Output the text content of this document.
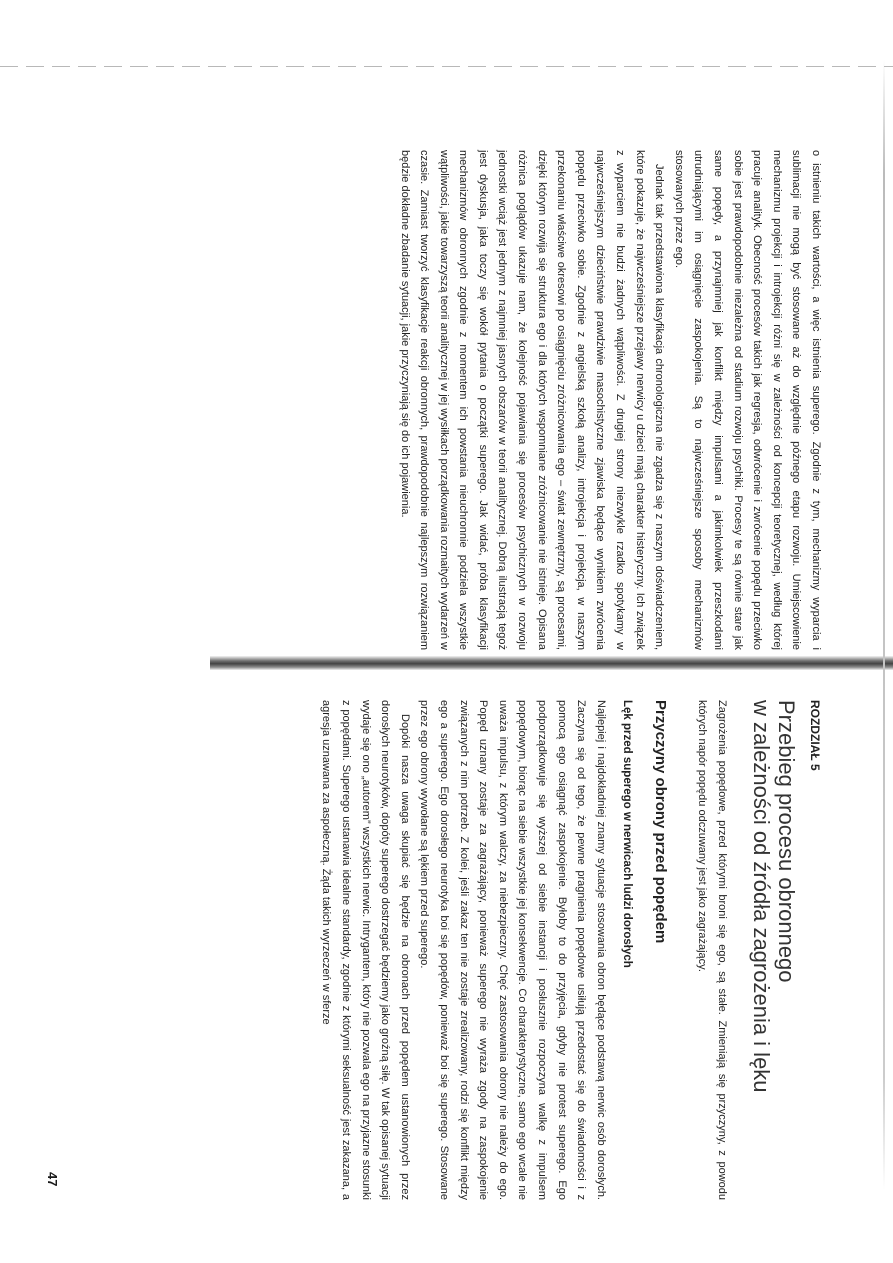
o istnieniu takich wartości, a więc istnienia superego. Zgodnie z tym, mechanizmy wyparcia i sublimacji nie mogą być stosowane aż do względnie późnego etapu rozwoju. Umiejscowienie mechanizmu projekcji i introjekcji różni się w zależności od koncepcji teoretycznej, według której pracuje analityk. Obecność procesów takich jak regresja, odwrócenie i zwrócenie popędu przeciwko sobie jest prawdopodobnie niezależna od stadium rozwoju psychiki. Procesy te są równie stare jak same popędy, a przynajmniej jak konflikt między impulsami a jakimkolwiek przeszkodami utrudniającymi im osiągnięcie zaspokojenia. Są to najwcześniejsze sposoby mechanizmów stosowanych przez ego.

Jednak tak przedstawiona klasyfikacja chronologiczna nie zgadza się z naszym doświadczeniem, które pokazuje, że najwcześniejsze przejawy nerwicy u dzieci mają charakter histeryczny. Ich związek z wyparciem nie budzi żadnych wątpliwości. Z drugiej strony niezwykle rzadko spotykamy w najwcześniejszym dzieciństwie prawdziwie masochistyczne zjawiska będące wynikiem zwrócenia popędu przeciwko sobie. Zgodnie z angielską szkołą analizy, introjekcja i projekcja, w naszym przekonaniu właściwe okresowi po osiągnięciu zróżnicowania ego – świat zewnętrzny, są procesami, dzięki którym rozwija się struktura ego i dla których wspomniane zróżnicowanie nie istnieje. Opisana różnica poglądów ukazuje nam, że kolejność pojawiania się procesów psychicznych w rozwoju jednostki wciąż jest jednym z najmniej jasnych obszarów w teorii analitycznej. Dobrą ilustracją tegoż jest dyskusja, jaka toczy się wokół pytania o początki superego. Jak widać, próba klasyfikacji mechanizmów obronnych zgodnie z momentem ich powstania nieuchronnie podziela wszystkie wątpliwości, jakie towarzyszą teorii analitycznej w jej wysiłkach porządkowania rozmaitych wydarzeń w czasie. Zamiast tworzyć klasyfikacje reakcji obronnych, prawdopodobnie najlepszym rozwiązaniem będzie dokładne zbadanie sytuacji, jakie przyczyniają się do ich pojawienia.

ROZDZIAŁ 5

Przebieg procesu obronnego
w zależności od źródła zagrożenia i lęku

Zagrożenia popędowe, przed którymi broni się ego, są stałe. Zmieniają się przyczyny, z powodu których napór popędu odczuwany jest jako zagrażający.

Przyczyny obrony przed popędem
Lęk przed superego w nerwicach ludzi dorosłych

Najlepiej i najdokładniej znamy sytuacje stosowania obron będące podstawą nerwic osób dorosłych. Zaczyna się od tego, że pewne pragnienia popędowe usiłują przedostać się do świadomości i z pomocą ego osiągnąć zaspokojenie. Byłoby to do przyjęcia, gdyby nie protest superego. Ego podporządkowuje się wyższej od siebie instancji i posłusznie rozpoczyna walkę z impulsem popędowym, biorąc na siebie wszystkie jej konsekwencje. Co charakterystyczne, samo ego wcale nie uważa impulsu, z którym walczy, za niebezpieczny. Chęć zastosowania obrony nie należy do ego. Popęd uznany zostaje za zagrażający, ponieważ superego nie wyraża zgody na zaspokojenie związanych z nim potrzeb. Z kolei, jeśli zakaz ten nie zostaje zrealizowany, rodzi się konflikt między ego a superego. Ego dorosłego neurotyka boi się popędów, ponieważ boi się superego. Stosowane przez ego obrony wywołane są lękiem przed superego.

Dopóki nasza uwaga skupiać się będzie na obronach przed popędem ustanowionych przez dorosłych neurotyków, dopóty superego dostrzegać będziemy jako groźną siłę. W tak opisanej sytuacji wydaje się ono „autorem” wszystkich nerwic. Intrygantem, który nie pozwala ego na przyjazne stosunki z popędami. Superego ustanawia idealne standardy, zgodnie z którymi seksualność jest zakazana, a agresja uznawana za aspołeczną. Żąda takich wyrzeczeń w sferze

47
